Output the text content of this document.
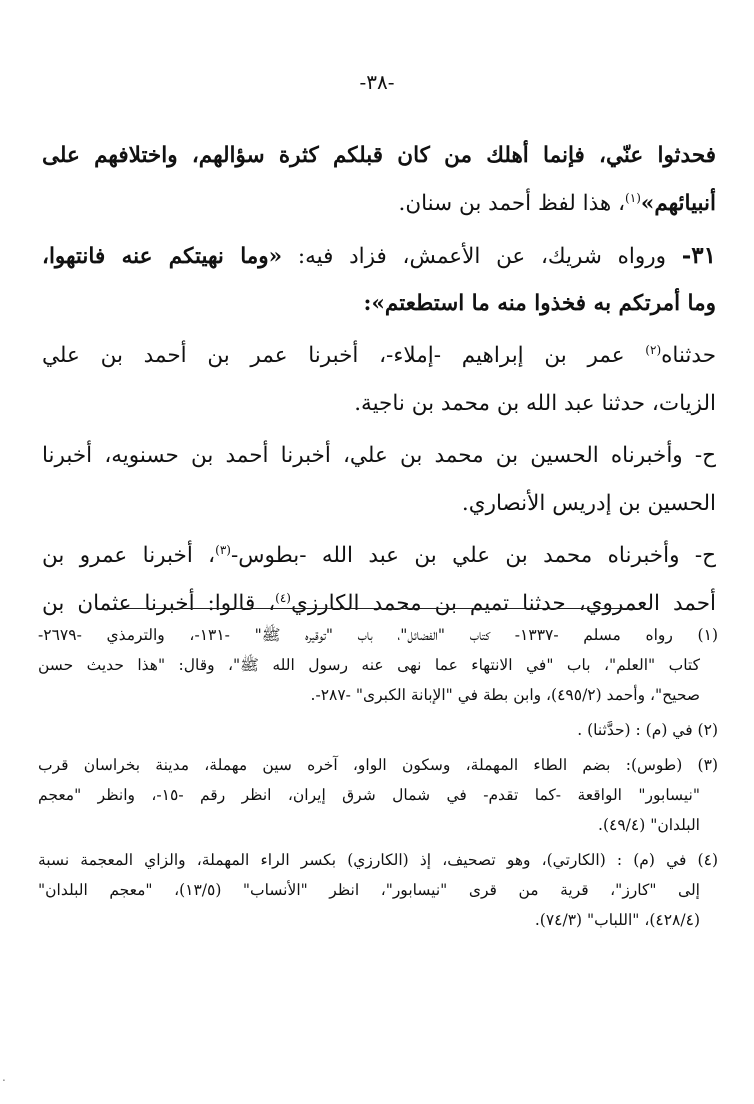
-٣٨-
فحدثوا عنّي، فإنما أهلك من كان قبلكم كثرة سؤالهم، واختلافهم على
أنبيائهم»$^{(١)}$، هذا لفظ أحمد بن سنان.
٣١- ورواه شريك، عن الأعمش، فزاد فيه: «وما نهيتكم عنه فانتهوا،
وما أمرتكم به فخذوا منه ما استطعتم»:
حدثناه$^{(٢)}$ عمر بن إبراهيم -إملاء-، أخبرنا عمر بن أحمد بن علي
الزيات، حدثنا عبد الله بن محمد بن ناجية.
ح- وأخبرناه الحسين بن محمد بن علي، أخبرنا أحمد بن حسنويه، أخبرنا
الحسين بن إدريس الأنصاري.
ح- وأخبرناه محمد بن علي بن عبد الله -بطوس-$^{(٣)}$، أخبرنا عمرو بن
أحمد العمروي، حدثنا تميم بن محمد الكارزي$^{(٤)}$، قالوا: أخبرنا عثمان بن
(١) رواه مسلم -١٣٣٧- كتاب "الفضائل"، باب "توقيره ﷺ" -١٣١-، والترمذي -٢٦٧٩-
كتاب "العلم"، باب "في الانتهاء عما نهى عنه رسول الله ﷺ"، وقال: "هذا حديث حسن
صحيح"، وأحمد (٤٩٥/٢)، وابن بطة في "الإبانة الكبرى" -٢٨٧-.
(٢) في (م) : (حدَّثنا) .
(٣) (طوس): بضم الطاء المهملة، وسكون الواو، آخره سين مهملة، مدينة بخراسان قرب
"نيسابور" الواقعة -كما تقدم- في شمال شرق إيران، انظر رقم -١٥-، وانظر "معجم
البلدان" (٤٩/٤).
(٤) في (م) : (الكارتي)، وهو تصحيف، إذ (الكارزي) بكسر الراء المهملة، والزاي المعجمة نسبة
إلى "كارز"، قرية من قرى "نيسابور"، انظر "الأنساب" (١٣/٥)، "معجم البلدان"
(٤٢٨/٤)، "اللباب" (٧٤/٣).
.
